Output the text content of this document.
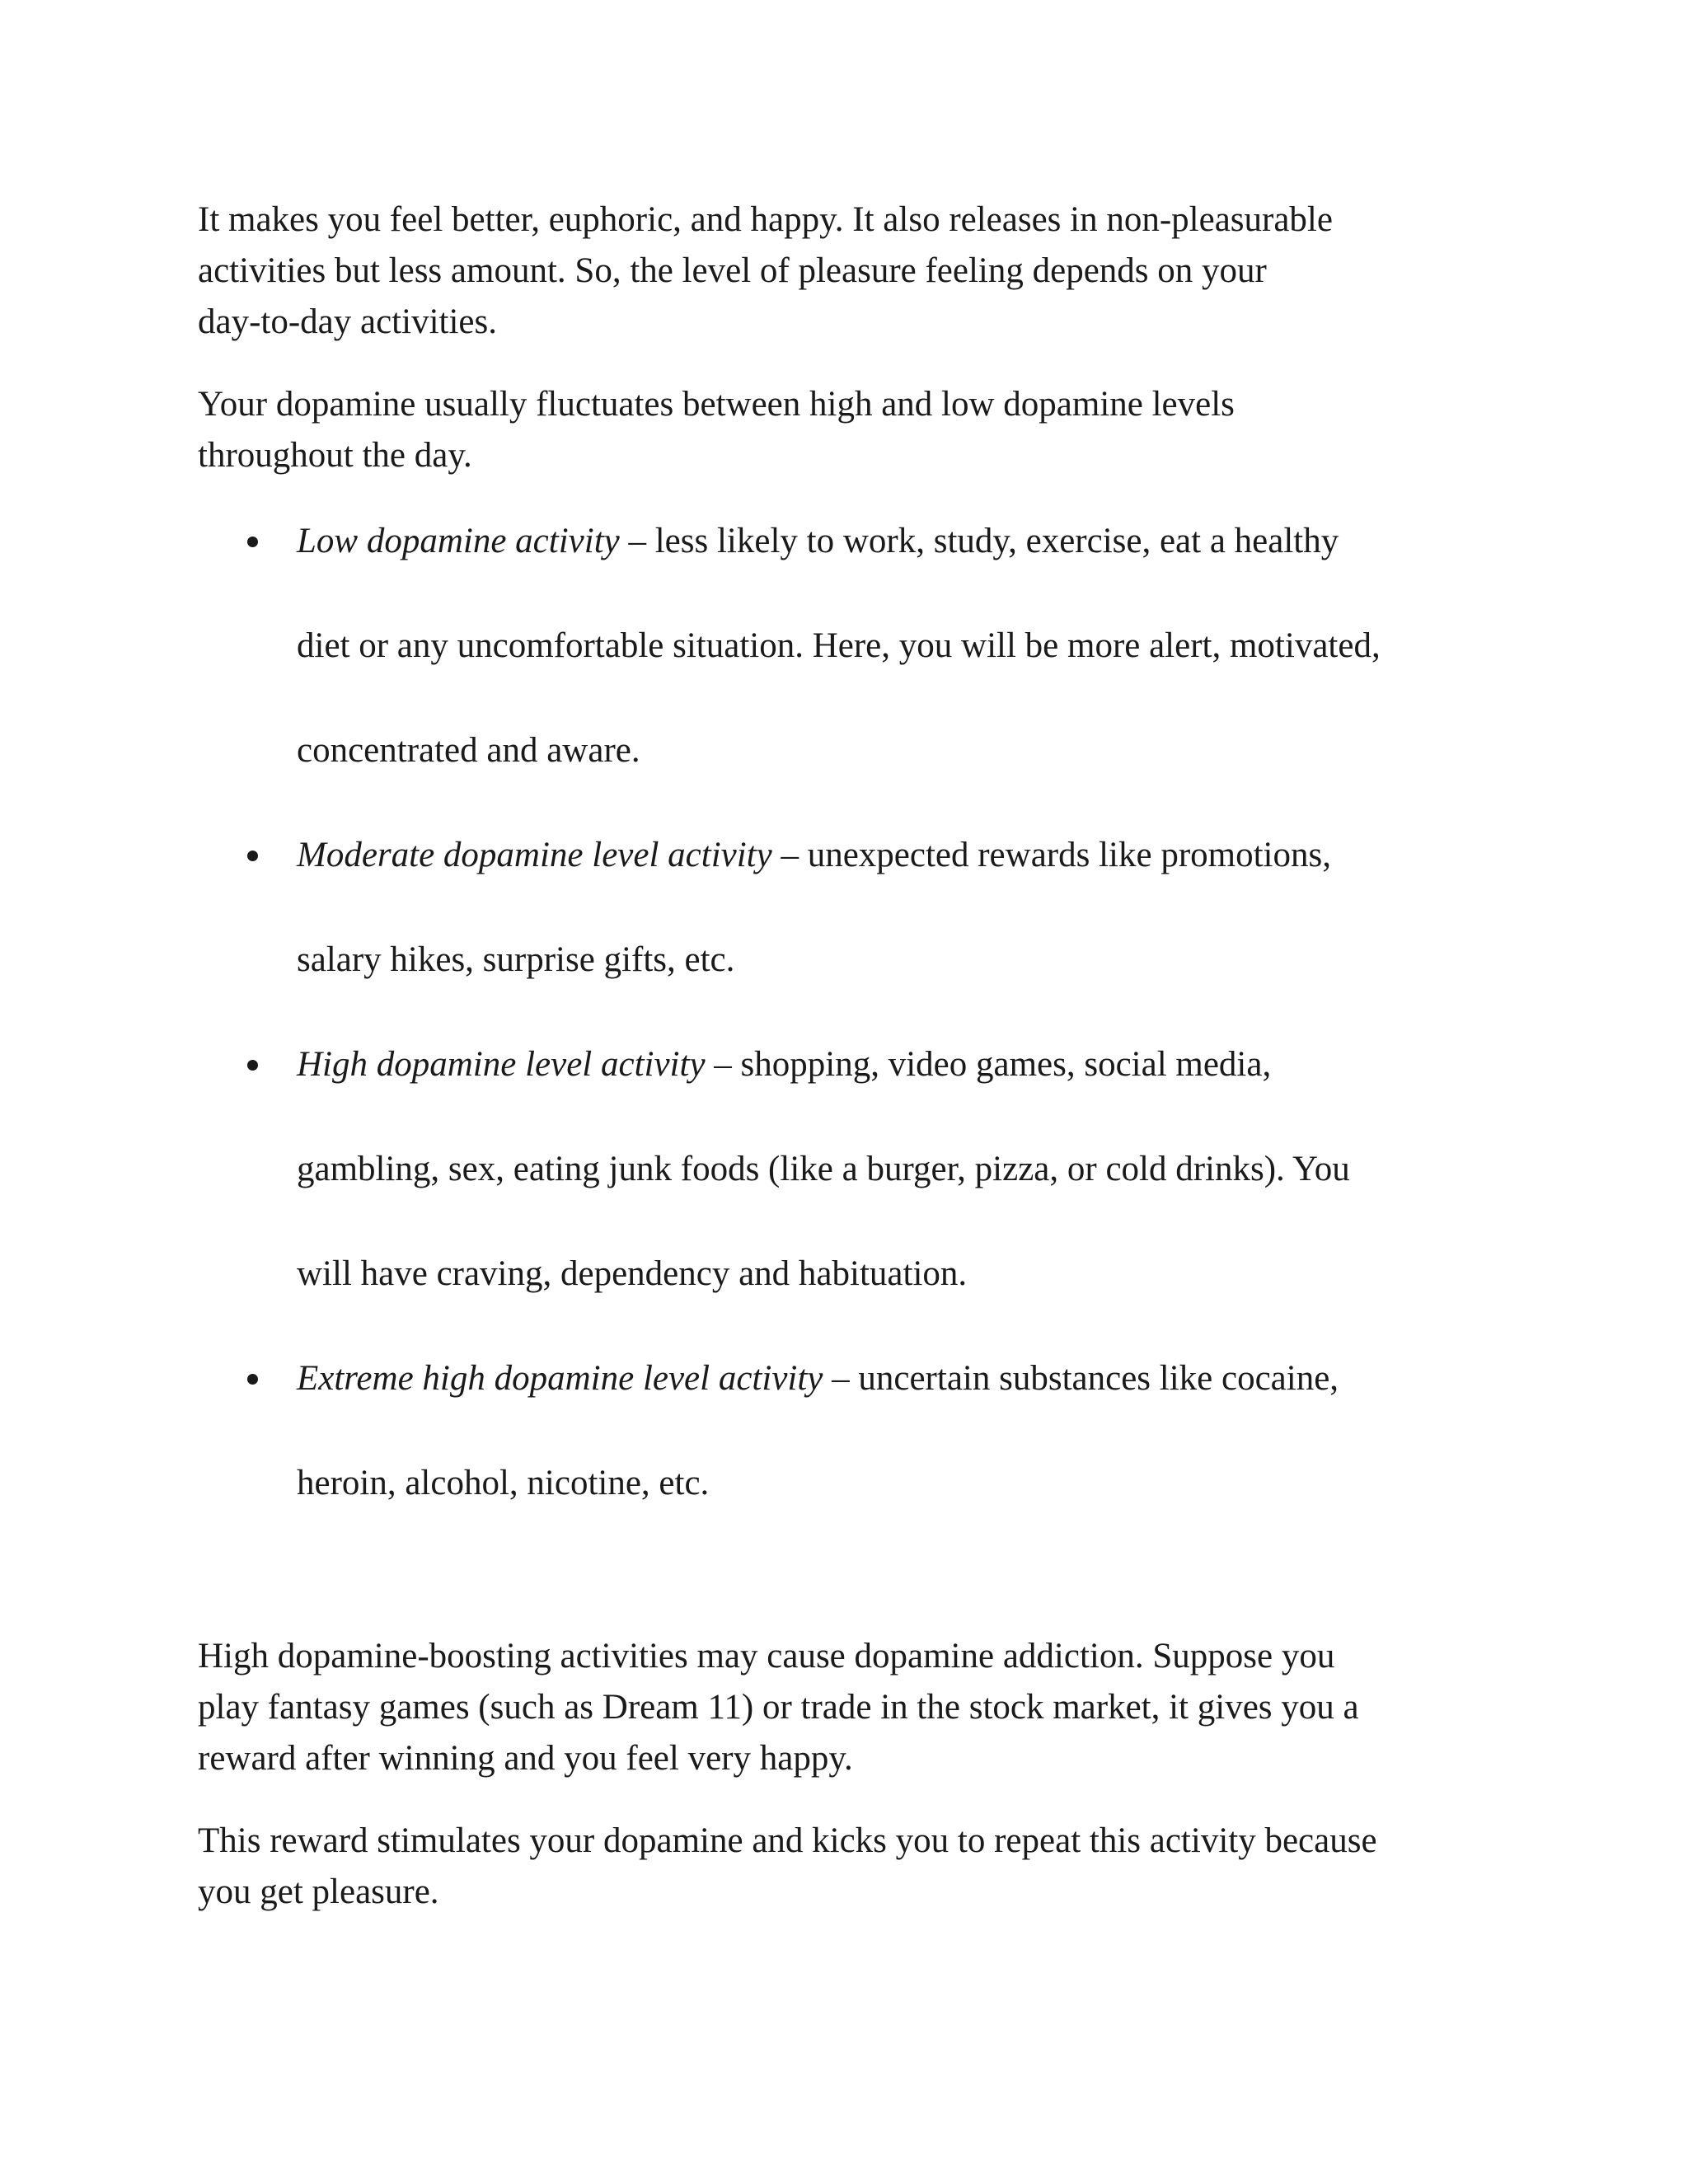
It makes you feel better, euphoric, and happy. It also releases in non-pleasurable
activities but less amount. So, the level of pleasure feeling depends on your
day-to-day activities.

Your dopamine usually fluctuates between high and low dopamine levels
throughout the day.

Low dopamine activity – less likely to work, study, exercise, eat a healthy
diet or any uncomfortable situation. Here, you will be more alert, motivated,
concentrated and aware.
Moderate dopamine level activity – unexpected rewards like promotions,
salary hikes, surprise gifts, etc.
High dopamine level activity – shopping, video games, social media,
gambling, sex, eating junk foods (like a burger, pizza, or cold drinks). You
will have craving, dependency and habituation.
Extreme high dopamine level activity – uncertain substances like cocaine,
heroin, alcohol, nicotine, etc.

High dopamine-boosting activities may cause dopamine addiction. Suppose you
play fantasy games (such as Dream 11) or trade in the stock market, it gives you a
reward after winning and you feel very happy.

This reward stimulates your dopamine and kicks you to repeat this activity because
you get pleasure.
